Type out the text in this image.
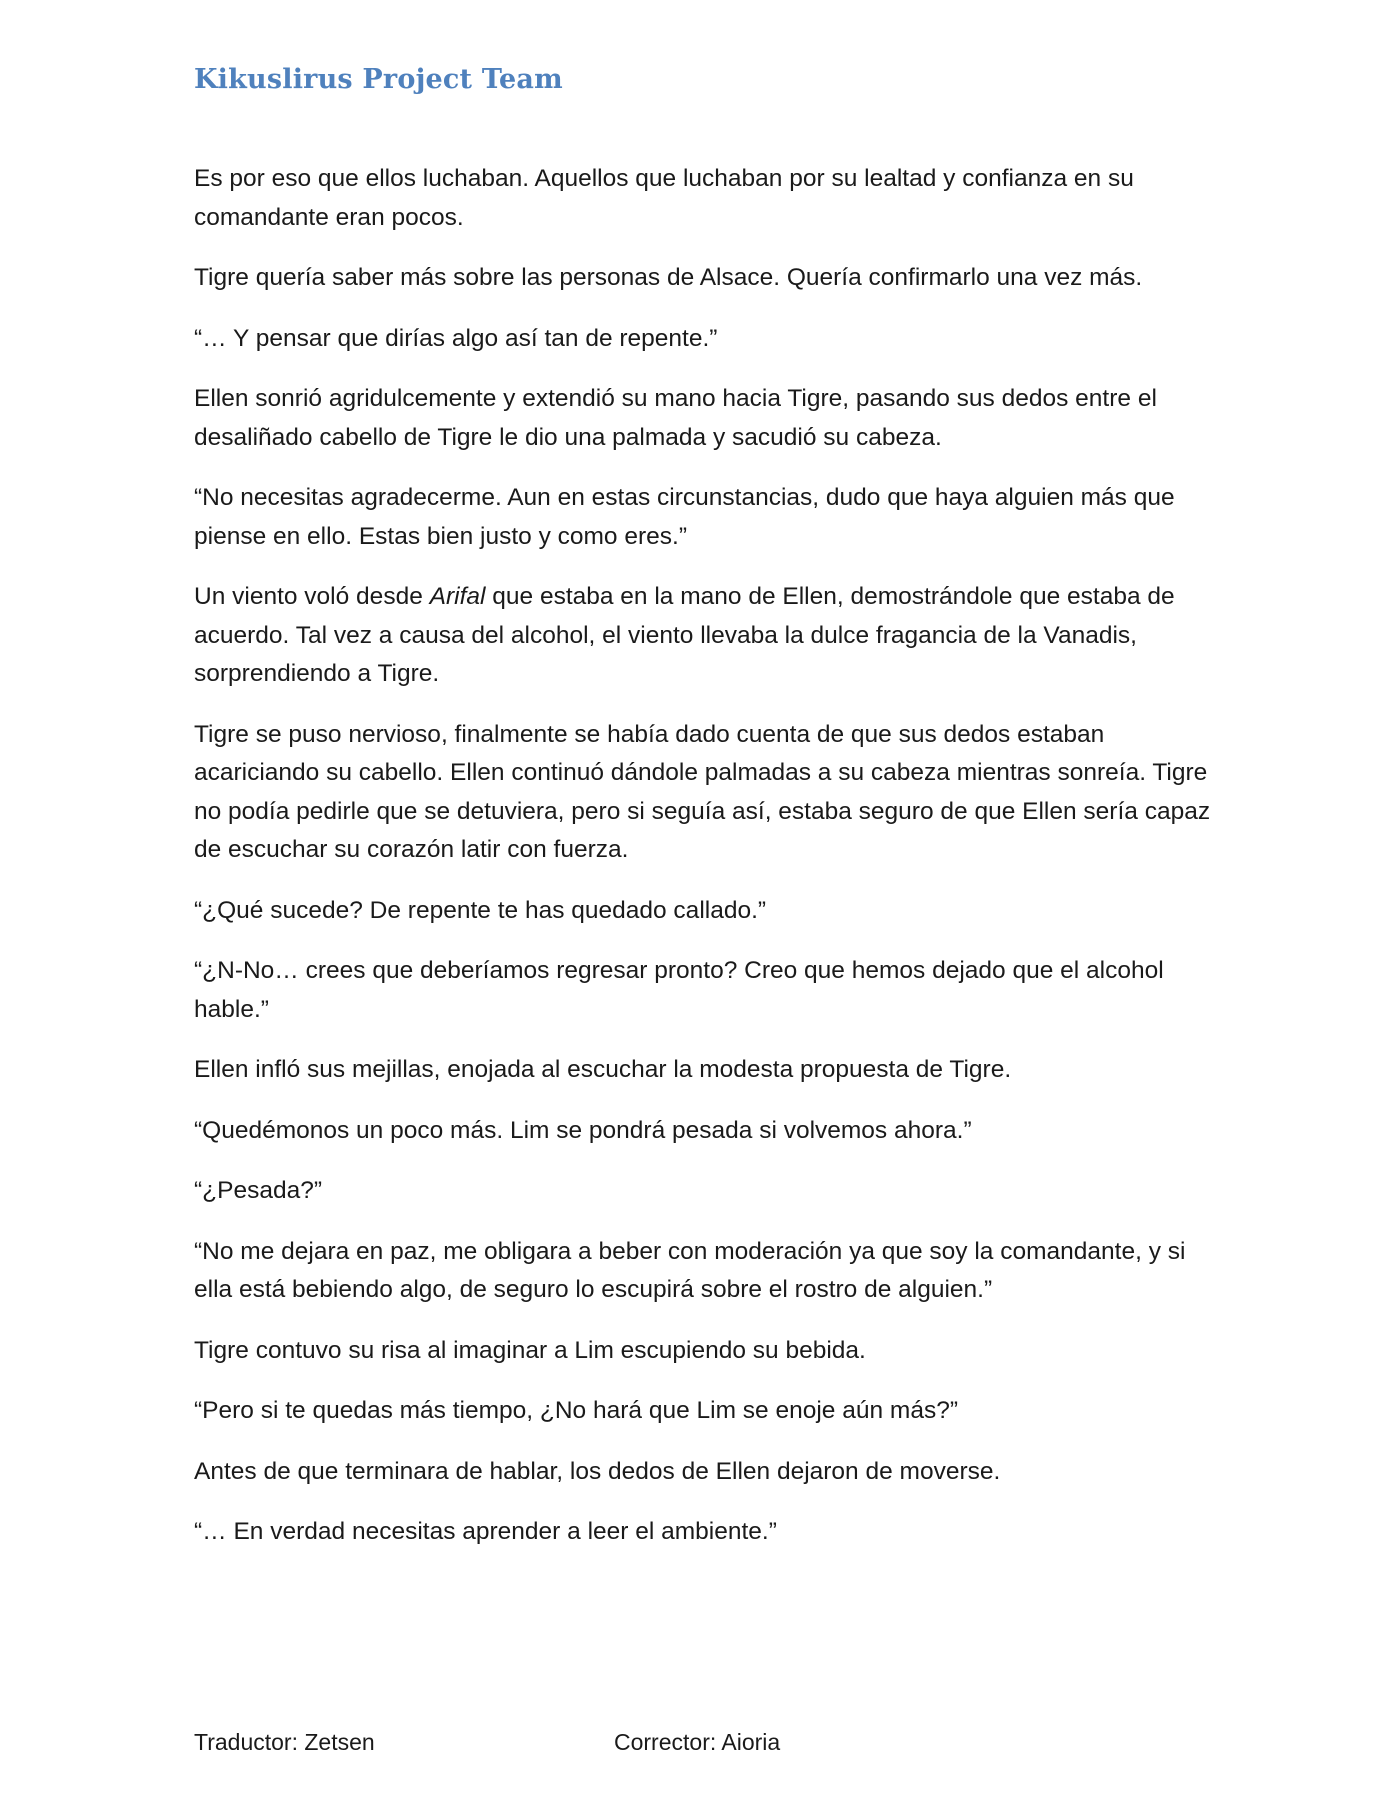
Kikuslirus Project Team

Es por eso que ellos luchaban. Aquellos que luchaban por su lealtad y confianza en su comandante eran pocos.

Tigre quería saber más sobre las personas de Alsace. Quería confirmarlo una vez más.

“… Y pensar que dirías algo así tan de repente.”

Ellen sonrió agridulcemente y extendió su mano hacia Tigre, pasando sus dedos entre el desaliñado cabello de Tigre le dio una palmada y sacudió su cabeza.

“No necesitas agradecerme. Aun en estas circunstancias, dudo que haya alguien más que piense en ello. Estas bien justo y como eres.”

Un viento voló desde Arifal que estaba en la mano de Ellen, demostrándole que estaba de acuerdo. Tal vez a causa del alcohol, el viento llevaba la dulce fragancia de la Vanadis, sorprendiendo a Tigre.

Tigre se puso nervioso, finalmente se había dado cuenta de que sus dedos estaban acariciando su cabello. Ellen continuó dándole palmadas a su cabeza mientras sonreía. Tigre no podía pedirle que se detuviera, pero si seguía así, estaba seguro de que Ellen sería capaz de escuchar su corazón latir con fuerza.

“¿Qué sucede? De repente te has quedado callado.”

“¿N-No… crees que deberíamos regresar pronto? Creo que hemos dejado que el alcohol hable.”

Ellen infló sus mejillas, enojada al escuchar la modesta propuesta de Tigre.

“Quedémonos un poco más. Lim se pondrá pesada si volvemos ahora.”

“¿Pesada?”

“No me dejara en paz, me obligara a beber con moderación ya que soy la comandante, y si ella está bebiendo algo, de seguro lo escupirá sobre el rostro de alguien.”

Tigre contuvo su risa al imaginar a Lim escupiendo su bebida.

“Pero si te quedas más tiempo, ¿No hará que Lim se enoje aún más?”

Antes de que terminara de hablar, los dedos de Ellen dejaron de moverse.

“… En verdad necesitas aprender a leer el ambiente.”

Traductor: Zetsen	Corrector: Aioria
